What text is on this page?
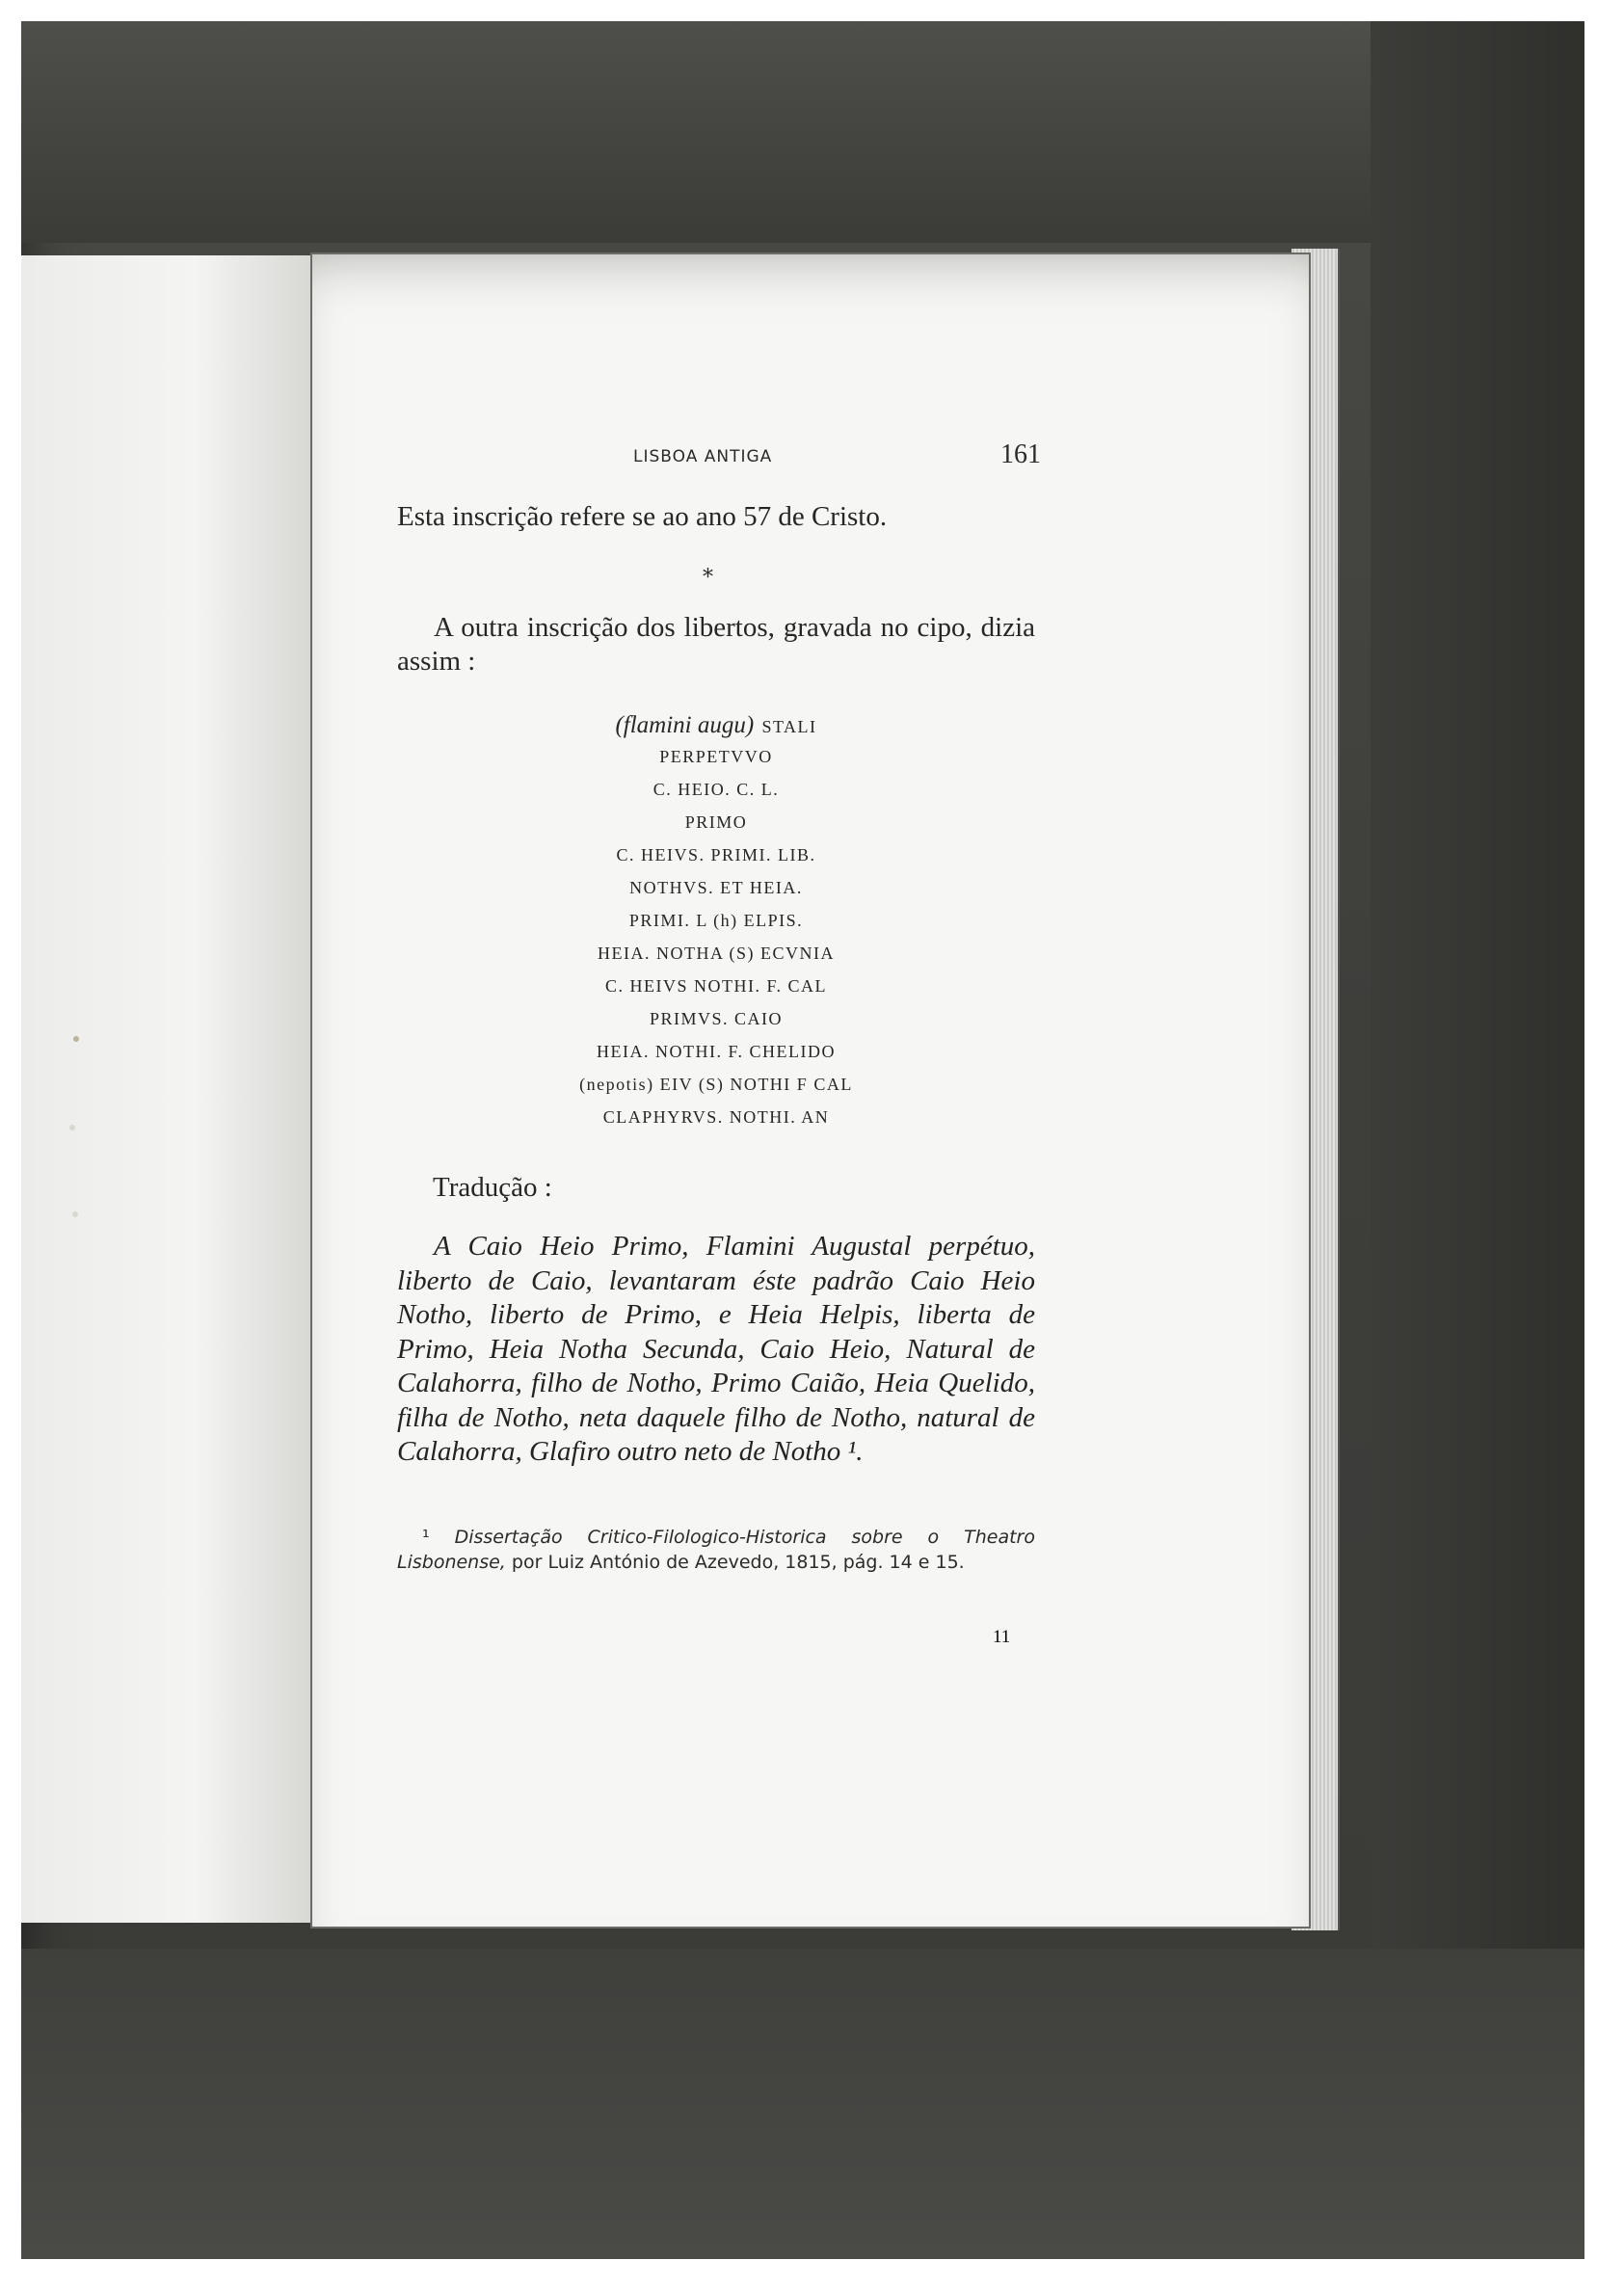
LISBOA ANTIGA	161
Esta inscrição refere se ao ano 57 de Cristo.
*
A outra inscrição dos libertos, gravada no cipo, dizia assim :
(flamini augu) STALI
PERPETVVO
C. HEIO. C. L.
PRIMO
C. HEIVS. PRIMI. LIB.
NOTHVS. ET HEIA.
PRIMI. L (h) ELPIS.
HEIA. NOTHA (S) ECVNIA
C. HEIVS NOTHI. F. CAL
PRIMVS. CAIO
HEIA. NOTHI. F. CHELIDO
(nepotis) EIV (S) NOTHI F CAL
CLAPHYRVS. NOTHI. AN
Tradução :
A Caio Heio Primo, Flamini Augustal perpétuo, liberto de Caio, levantaram éste padrão Caio Heio Notho, liberto de Primo, e Heia Helpis, liberta de Primo, Heia Notha Secunda, Caio Heio, Natural de Calahorra, filho de Notho, Primo Caião, Heia Quelido, filha de Notho, neta daquele filho de Notho, natural de Calahorra, Glafiro outro neto de Notho ¹.
¹ Dissertação Critico-Filologico-Historica sobre o Theatro Lisbonense, por Luiz António de Azevedo, 1815, pág. 14 e 15.
11
